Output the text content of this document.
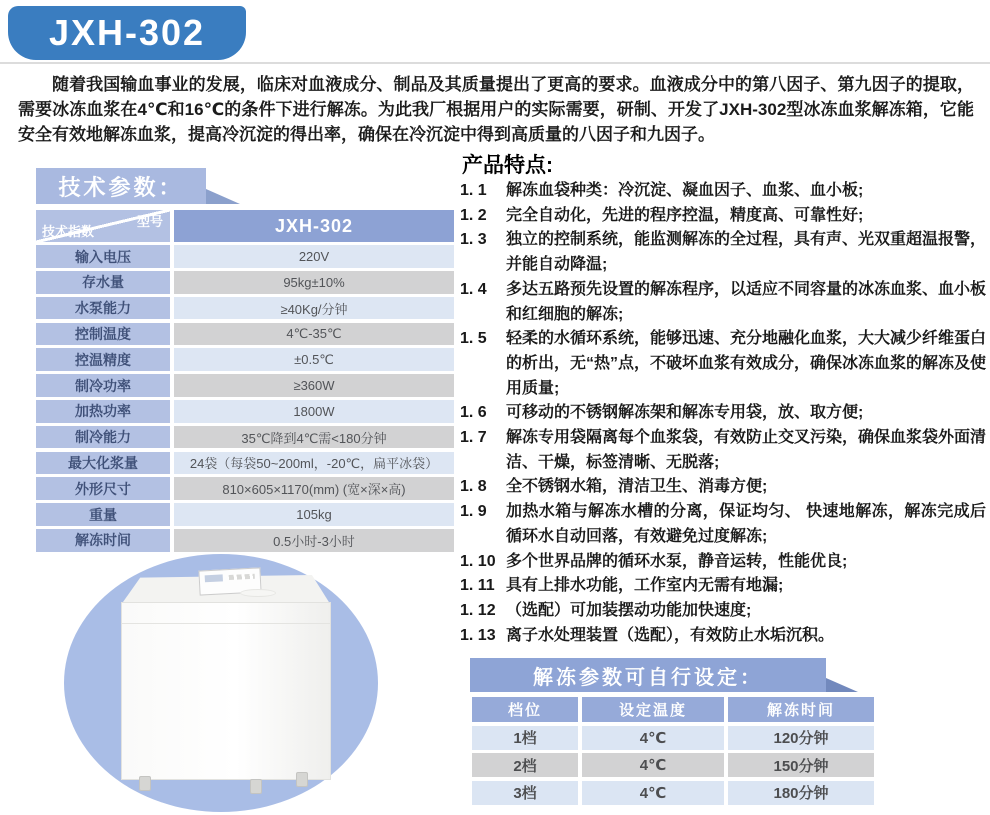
JXH-302
随着我国输血事业的发展，临床对血液成分、制品及其质量提出了更高的要求。血液成分中的第八因子、第九因子的提取，需要冰冻血浆在4℃和16℃的条件下进行解冻。为此我厂根据用户的实际需要，研制、开发了JXH-302型冰冻血浆解冻箱，它能安全有效地解冻血浆，提高冷沉淀的得出率，确保在冷沉淀中得到高质量的八因子和九因子。
技术参数：
型号
技术指数	JXH-302
输入电压	220V
存水量	95kg±10%
水泵能力	≥40Kg/分钟
控制温度	4℃-35℃
控温精度	±0.5℃
制冷功率	≥360W
加热功率	1800W
制冷能力	35℃降到4℃需<180分钟
最大化浆量	24袋（每袋50~200ml，-20℃，扁平冰袋）
外形尺寸	810×605×1170(mm) (宽×深×高)
重量	105kg
解冻时间	0.5小时-3小时
产品特点:
1. 1	解冻血袋种类：冷沉淀、凝血因子、血浆、血小板;
1. 2	完全自动化，先进的程序控温，精度高、可靠性好;
1. 3	独立的控制系统，能监测解冻的全过程，具有声、光双重超温报警，并能自动降温;
1. 4	多达五路预先设置的解冻程序，以适应不同容量的冰冻血浆、血小板和红细胞的解冻;
1. 5	轻柔的水循环系统，能够迅速、充分地融化血浆，大大减少纤维蛋白的析出，无“热”点，不破坏血浆有效成分，确保冰冻血浆的解冻及使用质量;
1. 6	可移动的不锈钢解冻架和解冻专用袋，放、取方便;
1. 7	解冻专用袋隔离每个血浆袋，有效防止交叉污染，确保血浆袋外面清洁、干燥，标签清晰、无脱落;
1. 8	全不锈钢水箱，清洁卫生、消毒方便;
1. 9	加热水箱与解冻水槽的分离，保证均匀、 快速地解冻，解冻完成后循环水自动回落，有效避免过度解冻;
1. 10 多个世界品牌的循环水泵，静音运转，性能优良;
1. 11 具有上排水功能，工作室内无需有地漏;
1. 12 （选配）可加装摆动功能加快速度;
1. 13 离子水处理装置（选配），有效防止水垢沉积。
解冻参数可自行设定：
档位	设定温度	解冻时间
1档	4℃	120分钟
2档	4℃	150分钟
3档	4℃	180分钟
